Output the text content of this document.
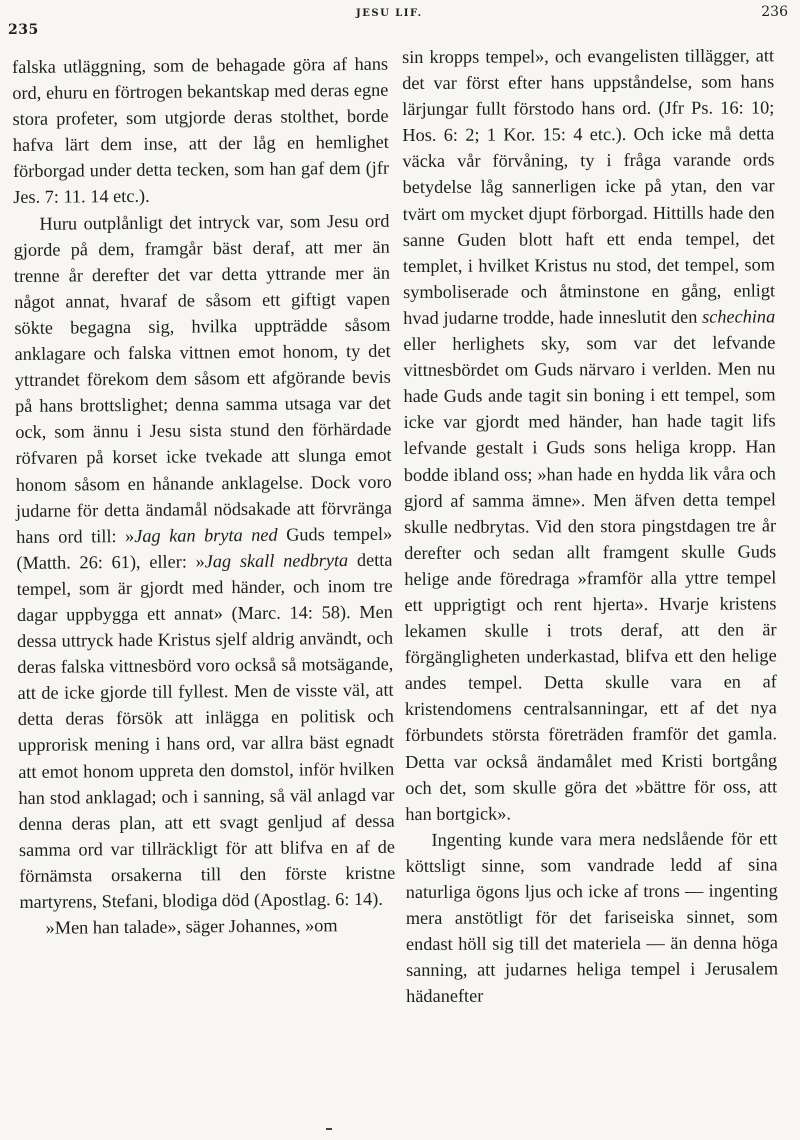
235
JESU LIF.	236

falska utläggning, som de behagade göra af hans ord, ehuru en förtrogen bekantskap med deras egne stora profeter, som utgjorde deras stolthet, borde hafva lärt dem inse, att der låg en hemlighet förborgad under detta tecken, som han gaf dem (jfr Jes. 7: 11. 14 etc.).

Huru outplånligt det intryck var, som Jesu ord gjorde på dem, framgår bäst deraf, att mer än trenne år derefter det var detta yttrande mer än något annat, hvaraf de såsom ett giftigt vapen sökte begagna sig, hvilka uppträdde såsom anklagare och falska vittnen emot honom, ty det yttrandet förekom dem såsom ett afgörande bevis på hans brottslighet; denna samma utsaga var det ock, som ännu i Jesu sista stund den förhärdade röfvaren på korset icke tvekade att slunga emot honom såsom en hånande anklagelse. Dock voro judarne för detta ändamål nödsakade att förvränga hans ord till: »Jag kan bryta ned Guds tempel» (Matth. 26: 61), eller: »Jag skall nedbryta detta tempel, som är gjordt med händer, och inom tre dagar uppbygga ett annat» (Marc. 14: 58). Men dessa uttryck hade Kristus sjelf aldrig användt, och deras falska vittnesbörd voro också så motsägande, att de icke gjorde till fyllest. Men de visste väl, att detta deras försök att inlägga en politisk och upprorisk mening i hans ord, var allra bäst egnadt att emot honom uppreta den domstol, inför hvilken han stod anklagad; och i sanning, så väl anlagd var denna deras plan, att ett svagt genljud af dessa samma ord var tillräckligt för att blifva en af de förnämsta orsakerna till den förste kristne martyrens, Stefani, blodiga död (Apostlag. 6: 14).

»Men han talade», säger Johannes, »om

sin kropps tempel», och evangelisten tillägger, att det var först efter hans uppståndelse, som hans lärjungar fullt förstodo hans ord. (Jfr Ps. 16: 10; Hos. 6: 2; 1 Kor. 15: 4 etc.). Och icke må detta väcka vår förvåning, ty i fråga varande ords betydelse låg sannerligen icke på ytan, den var tvärt om mycket djupt förborgad. Hittills hade den sanne Guden blott haft ett enda tempel, det templet, i hvilket Kristus nu stod, det tempel, som symboliserade och åtminstone en gång, enligt hvad judarne trodde, hade inneslutit den schechina eller herlighets sky, som var det lefvande vittnesbördet om Guds närvaro i verlden. Men nu hade Guds ande tagit sin boning i ett tempel, som icke var gjordt med händer, han hade tagit lifs lefvande gestalt i Guds sons heliga kropp. Han bodde ibland oss; »han hade en hydda lik våra och gjord af samma ämne». Men äfven detta tempel skulle nedbrytas. Vid den stora pingstdagen tre år derefter och sedan allt framgent skulle Guds helige ande föredraga »framför alla yttre tempel ett upprigtigt och rent hjerta». Hvarje kristens lekamen skulle i trots deraf, att den är förgängligheten underkastad, blifva ett den helige andes tempel. Detta skulle vara en af kristendomens centralsanningar, ett af det nya förbundets största företräden framför det gamla. Detta var också ändamålet med Kristi bortgång och det, som skulle göra det »bättre för oss, att han bortgick».

Ingenting kunde vara mera nedslående för ett köttsligt sinne, som vandrade ledd af sina naturliga ögons ljus och icke af trons — ingenting mera anstötligt för det fariseiska sinnet, som endast höll sig till det materiela — än denna höga sanning, att judarnes heliga tempel i Jerusalem hädanefter
